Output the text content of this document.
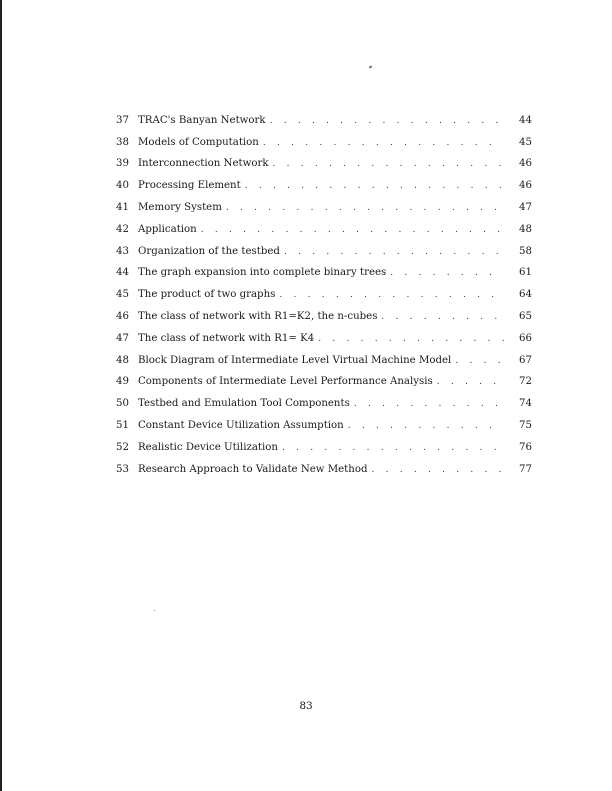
37 TRAC's Banyan Network . . .	44
38 Models of Computation . . .	45
39 Interconnection Network . . .	46
40 Processing Element . . .	46
41 Memory System . . .	47
42 Application . . .	48
43 Organization of the testbed . . .	58
44 The graph expansion into complete binary trees . . .	61
45 The product of two graphs . . .	64
46 The class of network with R1=K2, the n-cubes . . .	65
47 The class of network with R1= K4 . . .	66
48 Block Diagram of Intermediate Level Virtual Machine Model . . .	67
49 Components of Intermediate Level Performance Analysis . . .	72
50 Testbed and Emulation Tool Components . . .	74
51 Constant Device Utilization Assumption . . .	75
52 Realistic Device Utilization . . .	76
53 Research Approach to Validate New Method . . .	77
83
